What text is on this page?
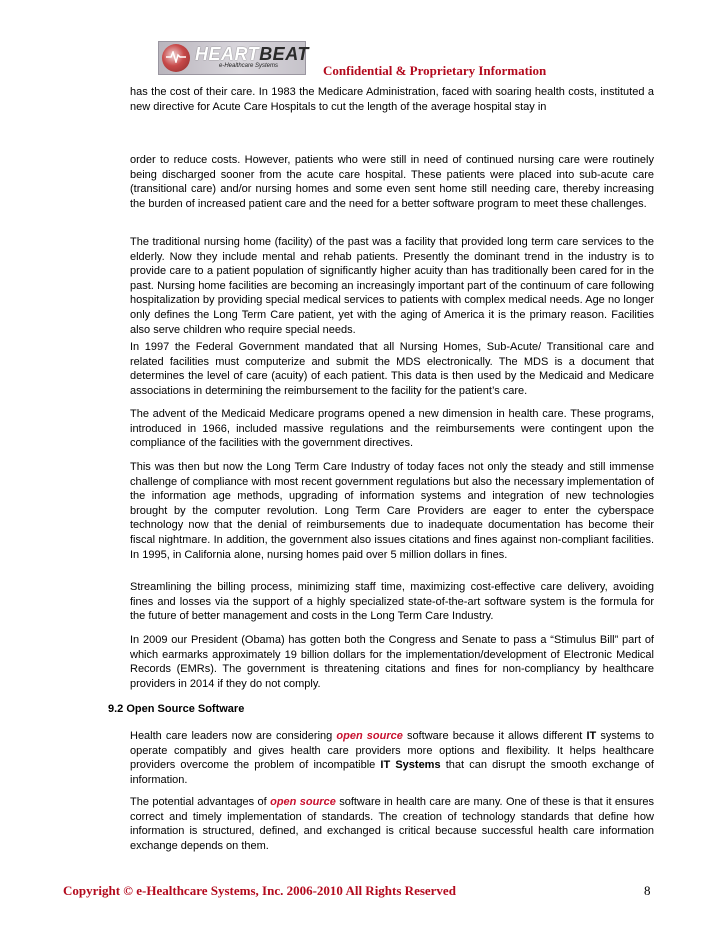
HEARTBEAT
e-Healthcare Systems	Confidential & Proprietary Information

has the cost of their care. In 1983 the Medicare Administration, faced with soaring health costs, instituted a new directive for Acute Care Hospitals to cut the length of the average hospital stay in

order to reduce costs. However, patients who were still in need of continued nursing care were routinely being discharged sooner from the acute care hospital. These patients were placed into sub-acute care (transitional care) and/or nursing homes and some even sent home still needing care, thereby increasing the burden of increased patient care and the need for a better software program to meet these challenges.

The traditional nursing home (facility) of the past was a facility that provided long term care services to the elderly. Now they include mental and rehab patients. Presently the dominant trend in the industry is to provide care to a patient population of significantly higher acuity than has traditionally been cared for in the past. Nursing home facilities are becoming an increasingly important part of the continuum of care following hospitalization by providing special medical services to patients with complex medical needs. Age no longer only defines the Long Term Care patient, yet with the aging of America it is the primary reason. Facilities also serve children who require special needs.

In 1997 the Federal Government mandated that all Nursing Homes, Sub-Acute/ Transitional care and related facilities must computerize and submit the MDS electronically. The MDS is a document that determines the level of care (acuity) of each patient. This data is then used by the Medicaid and Medicare associations in determining the reimbursement to the facility for the patient’s care.

The advent of the Medicaid Medicare programs opened a new dimension in health care. These programs, introduced in 1966, included massive regulations and the reimbursements were contingent upon the compliance of the facilities with the government directives.

This was then but now the Long Term Care Industry of today faces not only the steady and still immense challenge of compliance with most recent government regulations but also the necessary implementation of the information age methods, upgrading of information systems and integration of new technologies brought by the computer revolution. Long Term Care Providers are eager to enter the cyberspace technology now that the denial of reimbursements due to inadequate documentation has become their fiscal nightmare. In addition, the government also issues citations and fines against non-compliant facilities. In 1995, in California alone, nursing homes paid over 5 million dollars in fines.

Streamlining the billing process, minimizing staff time, maximizing cost-effective care delivery, avoiding fines and losses via the support of a highly specialized state-of-the-art software system is the formula for the future of better management and costs in the Long Term Care Industry.

In 2009 our President (Obama) has gotten both the Congress and Senate to pass a “Stimulus Bill” part of which earmarks approximately 19 billion dollars for the implementation/development of Electronic Medical Records (EMRs). The government is threatening citations and fines for non-compliancy by healthcare providers in 2014 if they do not comply.

9.2 Open Source Software

Health care leaders now are considering open source software because it allows different IT systems to operate compatibly and gives health care providers more options and flexibility. It helps healthcare providers overcome the problem of incompatible IT Systems that can disrupt the smooth exchange of information.

The potential advantages of open source software in health care are many. One of these is that it ensures correct and timely implementation of standards. The creation of technology standards that define how information is structured, defined, and exchanged is critical because successful health care information exchange depends on them.

Copyright © e-Healthcare Systems, Inc. 2006-2010 All Rights Reserved	8
